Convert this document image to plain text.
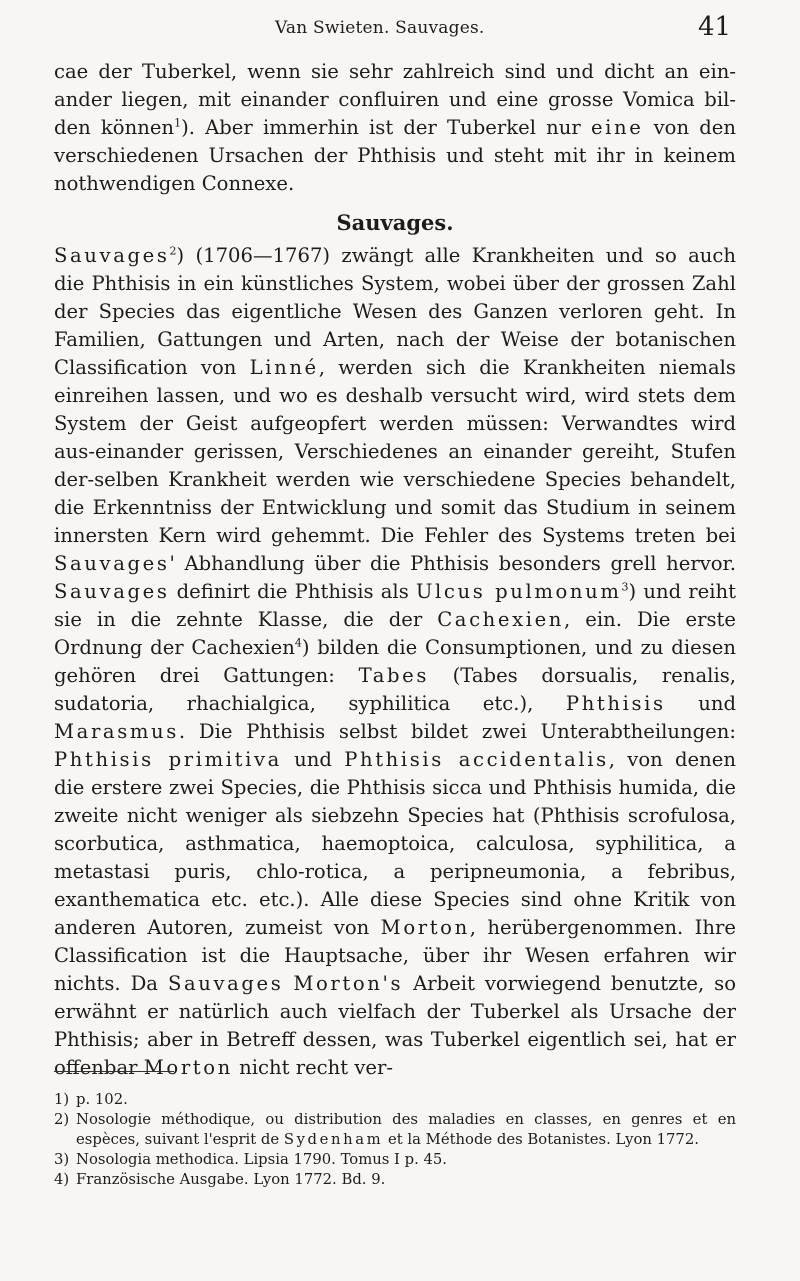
Van Swieten. Sauvages.	41

cae der Tuberkel, wenn sie sehr zahlreich sind und dicht an ein-ander liegen, mit einander confluiren und eine grosse Vomica bil-den können$^1$). Aber immerhin ist der Tuberkel nur eine von den verschiedenen Ursachen der Phthisis und steht mit ihr in keinem nothwendigen Connexe.

Sauvages.

Sauvages$^2$) (1706—1767) zwängt alle Krankheiten und so auch die Phthisis in ein künstliches System, wobei über der grossen Zahl der Species das eigentliche Wesen des Ganzen verloren geht. In Familien, Gattungen und Arten, nach der Weise der botanischen Classification von Linné, werden sich die Krankheiten niemals einreihen lassen, und wo es deshalb versucht wird, wird stets dem System der Geist aufgeopfert werden müssen: Verwandtes wird aus-einander gerissen, Verschiedenes an einander gereiht, Stufen der-selben Krankheit werden wie verschiedene Species behandelt, die Erkenntniss der Entwicklung und somit das Studium in seinem innersten Kern wird gehemmt. Die Fehler des Systems treten bei Sauvages' Abhandlung über die Phthisis besonders grell hervor. Sauvages definirt die Phthisis als Ulcus pulmonum$^3$) und reiht sie in die zehnte Klasse, die der Cachexien, ein. Die erste Ordnung der Cachexien$^4$) bilden die Consumptionen, und zu diesen gehören drei Gattungen: Tabes (Tabes dorsualis, renalis, sudatoria, rhachialgica, syphilitica etc.), Phthisis und Marasmus. Die Phthisis selbst bildet zwei Unterabtheilungen: Phthisis primitiva und Phthisis accidentalis, von denen die erstere zwei Species, die Phthisis sicca und Phthisis humida, die zweite nicht weniger als siebzehn Species hat (Phthisis scrofulosa, scorbutica, asthmatica, haemoptoica, calculosa, syphilitica, a metastasi puris, chlo-rotica, a peripneumonia, a febribus, exanthematica etc. etc.). Alle diese Species sind ohne Kritik von anderen Autoren, zumeist von Morton, herübergenommen. Ihre Classification ist die Hauptsache, über ihr Wesen erfahren wir nichts. Da Sauvages Morton's Arbeit vorwiegend benutzte, so erwähnt er natürlich auch vielfach der Tuberkel als Ursache der Phthisis; aber in Betreff dessen, was Tuberkel eigentlich sei, hat er offenbar Morton nicht recht ver-

1) p. 102.

2) Nosologie méthodique, ou distribution des maladies en classes, en genres et en espèces, suivant l'esprit de Sydenham et la Méthode des Botanistes. Lyon 1772.

3) Nosologia methodica. Lipsia 1790. Tomus I p. 45.

4) Französische Ausgabe. Lyon 1772. Bd. 9.
